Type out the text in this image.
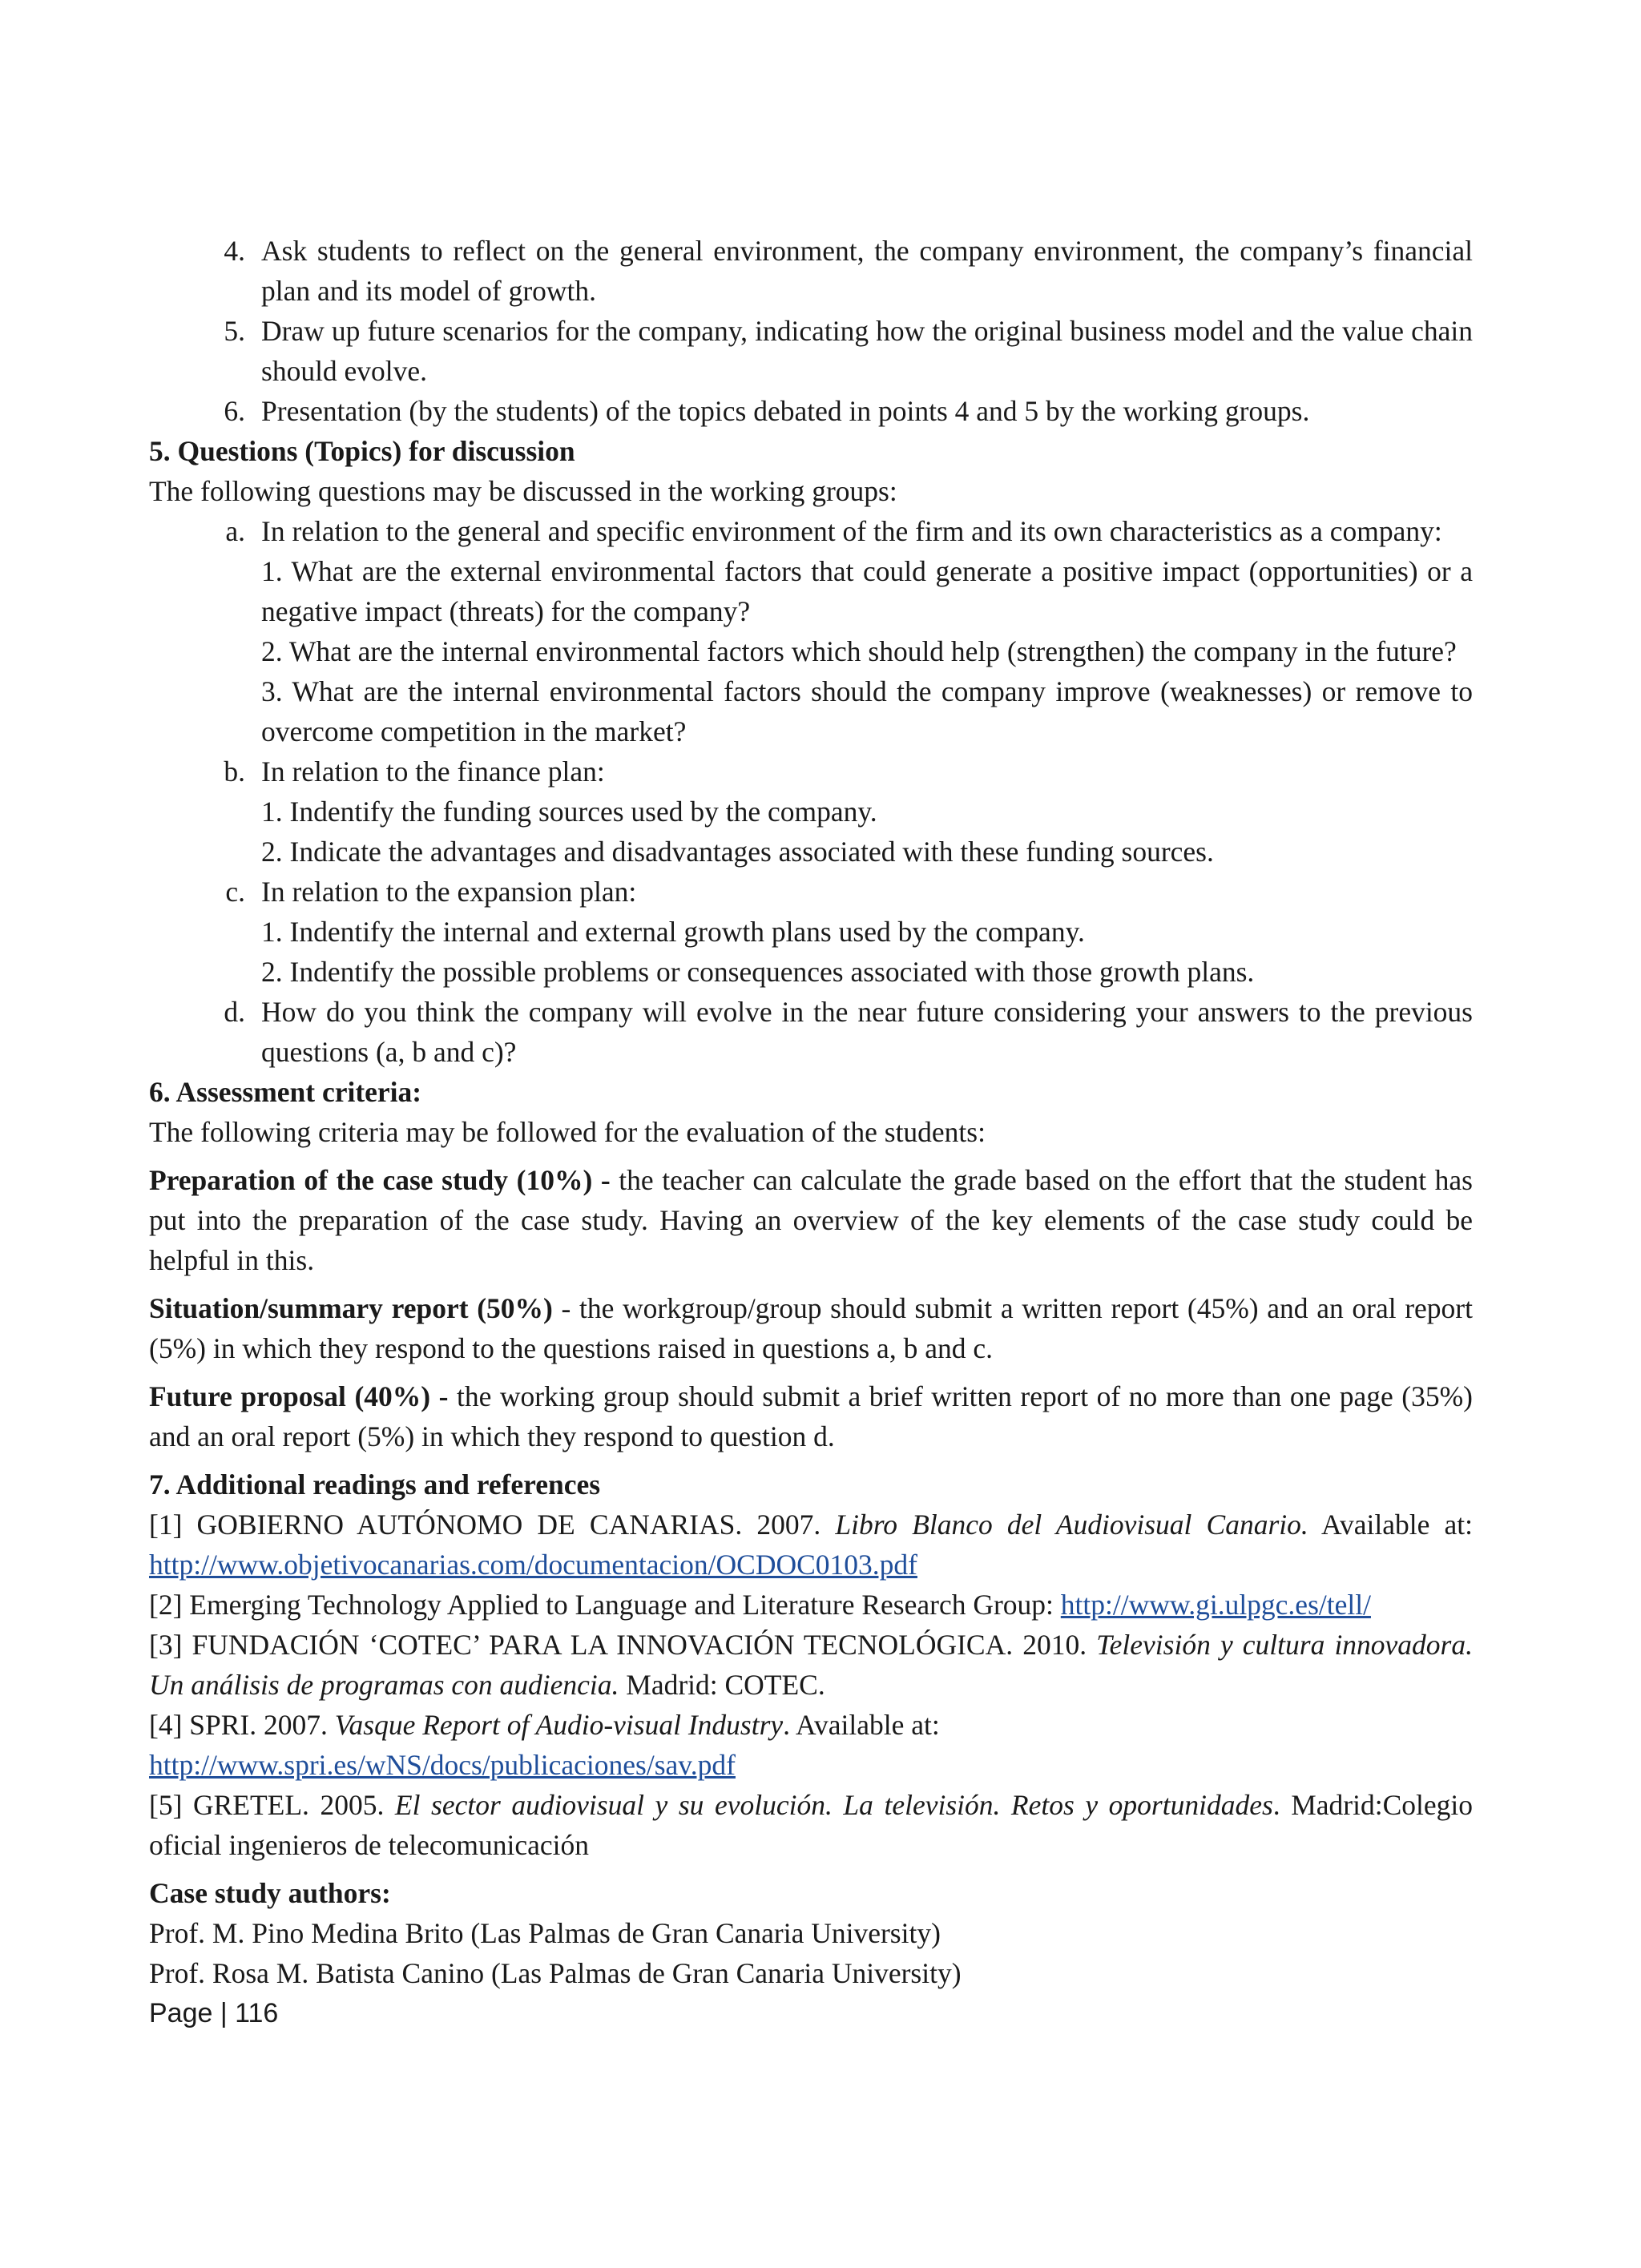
4. Ask students to reflect on the general environment, the company environment, the company’s financial plan and its model of growth.
5. Draw up future scenarios for the company, indicating how the original business model and the value chain should evolve.
6. Presentation (by the students) of the topics debated in points 4 and 5 by the working groups.
5. Questions (Topics) for discussion
The following questions may be discussed in the working groups:
a. In relation to the general and specific environment of the firm and its own characteristics as a company:
1. What are the external environmental factors that could generate a positive impact (opportunities) or a negative impact (threats) for the company?
2. What are the internal environmental factors which should help (strengthen) the company in the future?
3. What are the internal environmental factors should the company improve (weaknesses) or remove to overcome competition in the market?
b. In relation to the finance plan:
1. Indentify the funding sources used by the company.
2. Indicate the advantages and disadvantages associated with these funding sources.
c. In relation to the expansion plan:
1. Indentify the internal and external growth plans used by the company.
2. Indentify the possible problems or consequences associated with those growth plans.
d. How do you think the company will evolve in the near future considering your answers to the previous questions (a, b and c)?
6. Assessment criteria:
The following criteria may be followed for the evaluation of the students:
Preparation of the case study (10%) - the teacher can calculate the grade based on the effort that the student has put into the preparation of the case study. Having an overview of the key elements of the case study could be helpful in this.
Situation/summary report (50%) - the workgroup/group should submit a written report (45%) and an oral report (5%) in which they respond to the questions raised in questions a, b and c.
Future proposal (40%) - the working group should submit a brief written report of no more than one page (35%) and an oral report (5%) in which they respond to question d.
7. Additional readings and references
[1] GOBIERNO AUTÓNOMO DE CANARIAS. 2007. Libro Blanco del Audiovisual Canario. Available at: http://www.objetivocanarias.com/documentacion/OCDOC0103.pdf
[2] Emerging Technology Applied to Language and Literature Research Group: http://www.gi.ulpgc.es/tell/
[3] FUNDACIÓN ‘COTEC’ PARA LA INNOVACIÓN TECNOLÓGICA. 2010. Televisión y cultura innovadora. Un análisis de programas con audiencia. Madrid: COTEC.
[4] SPRI. 2007. Vasque Report of Audio-visual Industry. Available at:
http://www.spri.es/wNS/docs/publicaciones/sav.pdf
[5] GRETEL. 2005. El sector audiovisual y su evolución. La televisión. Retos y oportunidades. Madrid:Colegio oficial ingenieros de telecomunicación
Case study authors:
Prof. M. Pino Medina Brito (Las Palmas de Gran Canaria University)
Prof. Rosa M. Batista Canino (Las Palmas de Gran Canaria University)
Page | 116
